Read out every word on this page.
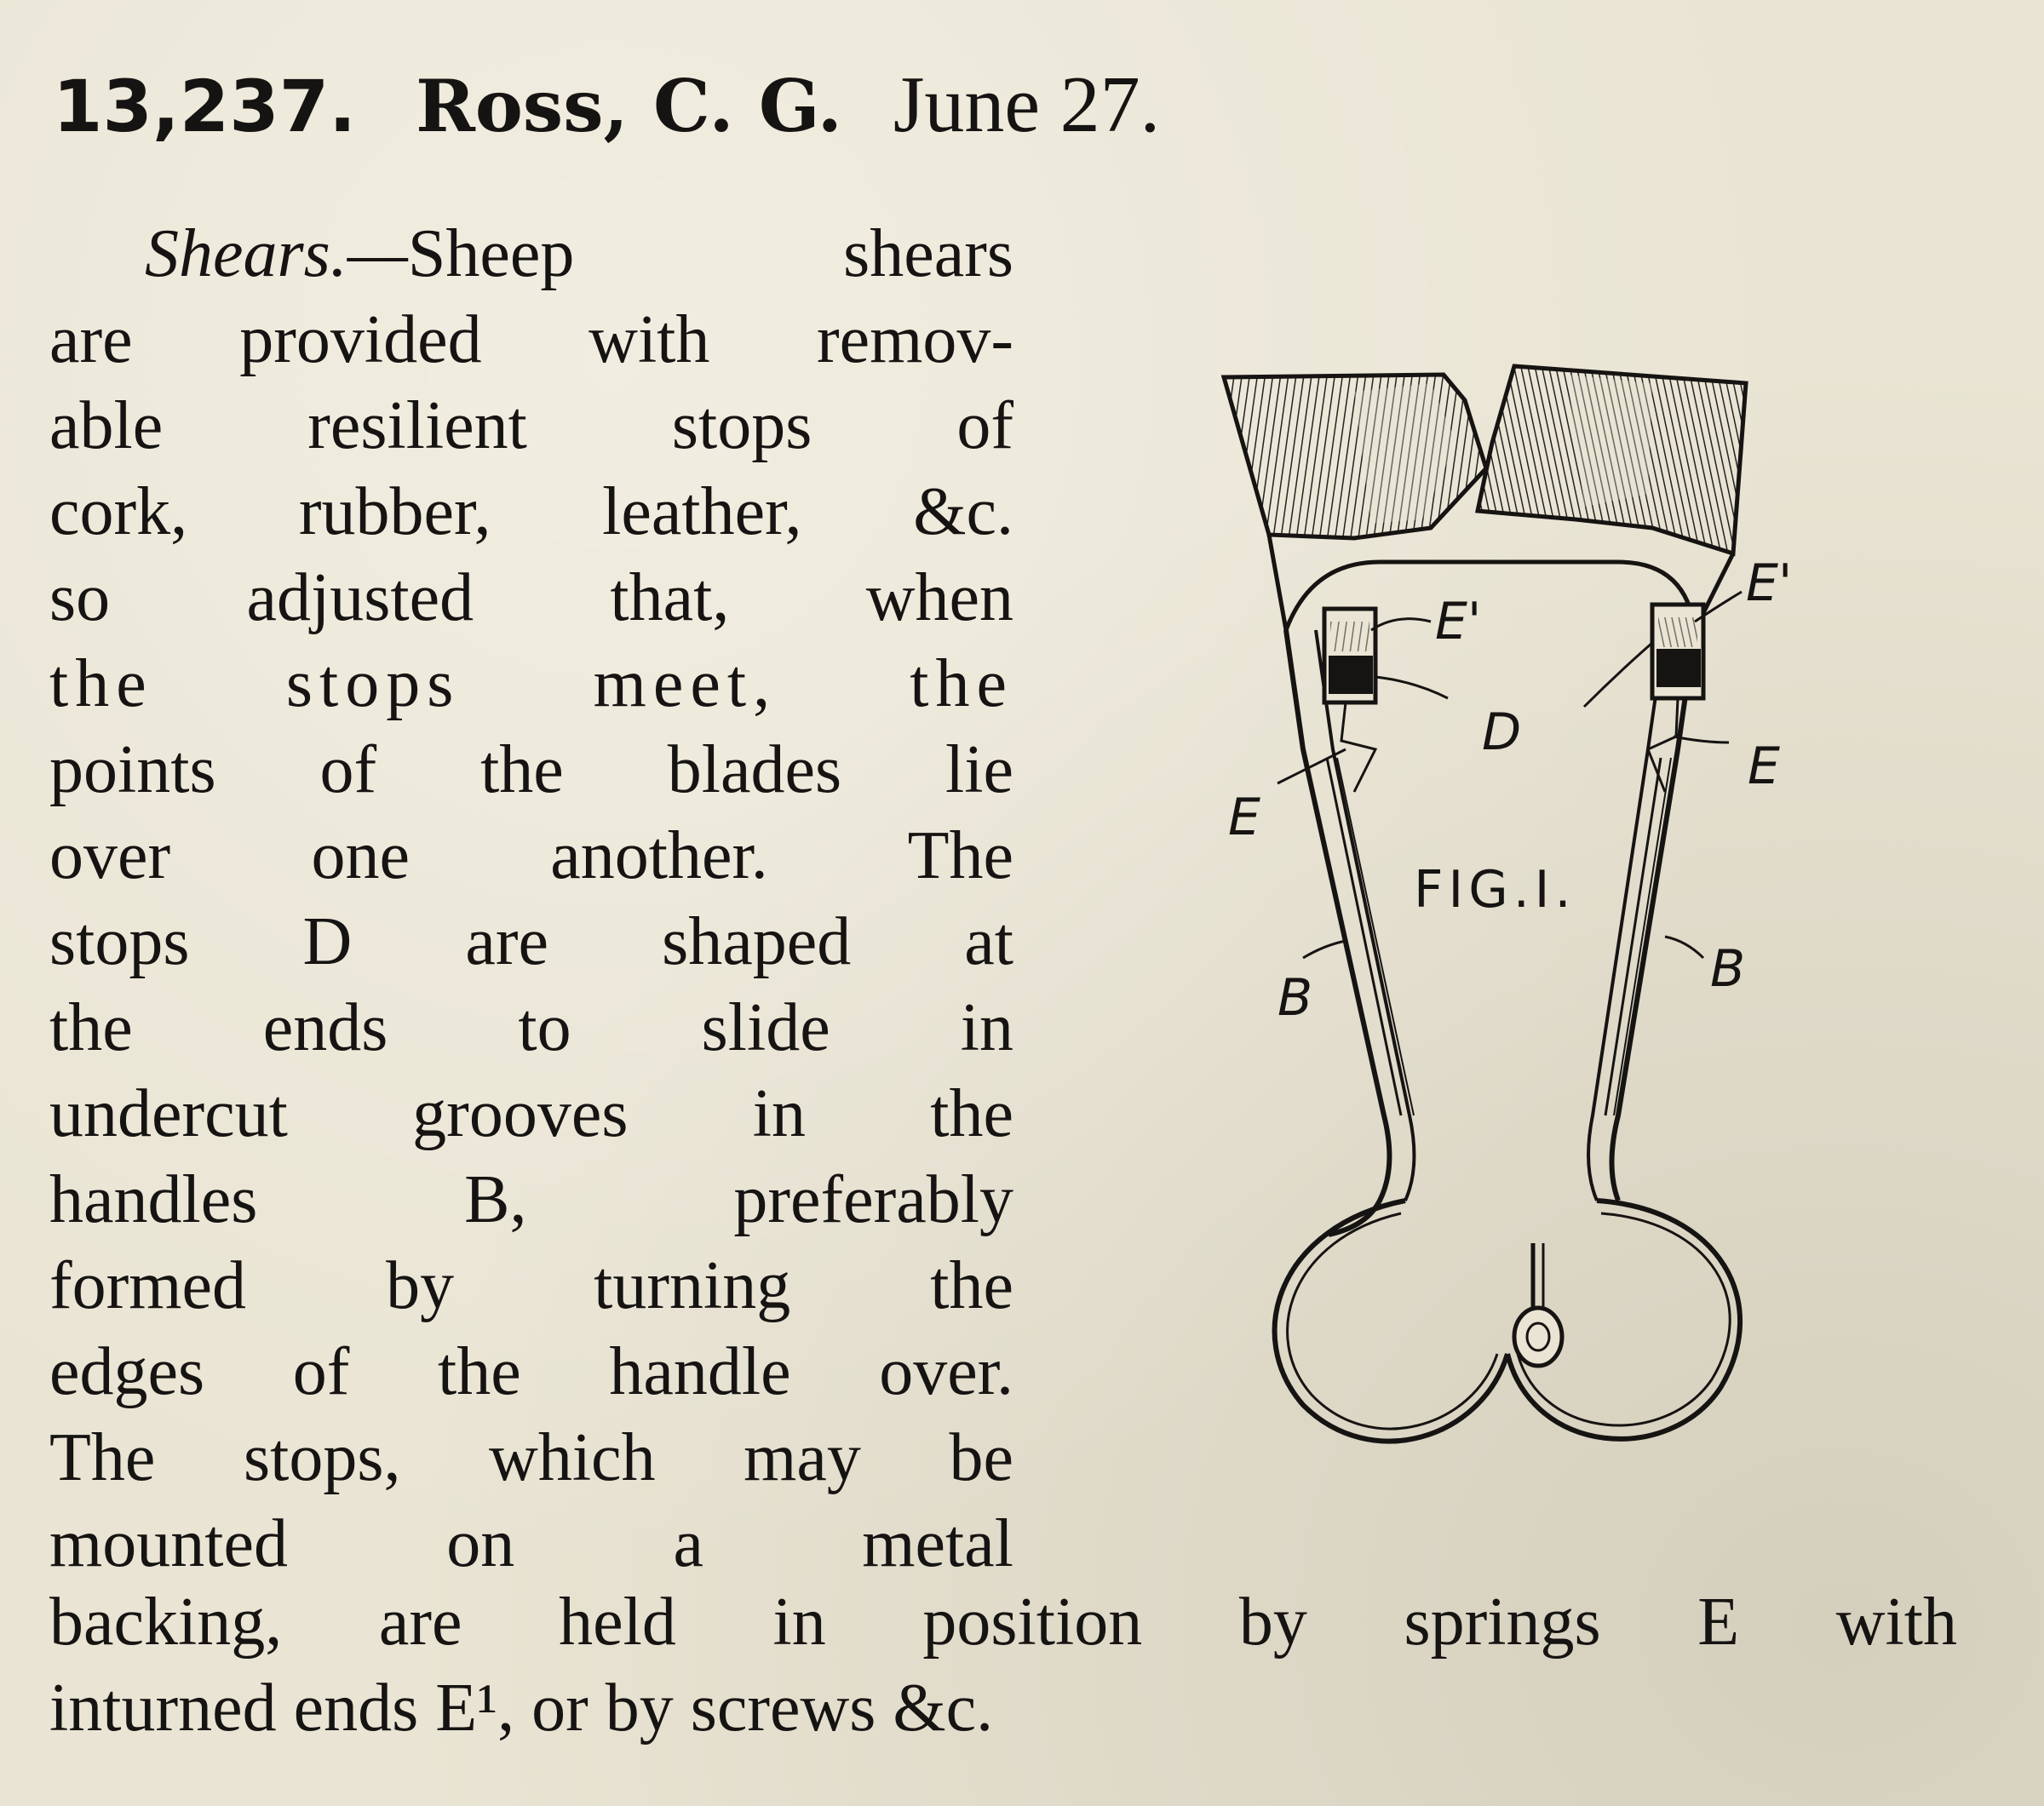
13,237. Ross, C. G. June 27.
Shears.—Sheep shears
are provided with remov-
able resilient stops of
cork, rubber, leather, &c.
so adjusted that, when
the stops meet, the
points of the blades lie
over one another. The
stops D are shaped at
the ends to slide in
undercut grooves in the
handles B, preferably
formed by turning the
edges of the handle over.
The stops, which may be
mounted on a metal
backing, are held in position by springs E with
inturned ends E¹, or by screws &c.
E'
E'
D
E
E
B	B
FIG.I.
